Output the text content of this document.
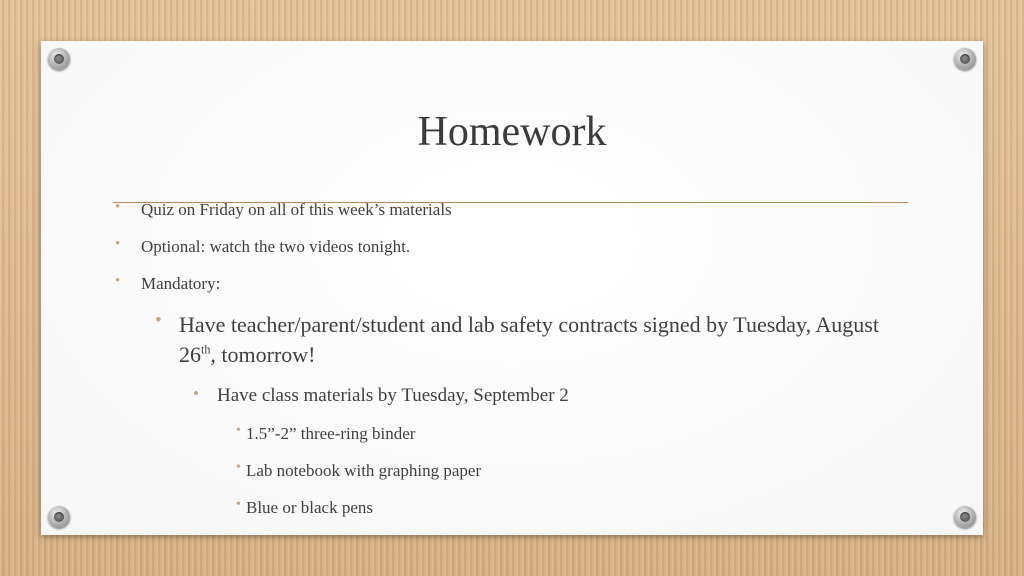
Homework
• Quiz on Friday on all of this week’s materials
• Optional: watch the two videos tonight.
• Mandatory:
• Have teacher/parent/student and lab safety contracts signed by Tuesday, August 26th, tomorrow!
• Have class materials by Tuesday, September 2
• 1.5”-2” three-ring binder
• Lab notebook with graphing paper
• Blue or black pens
